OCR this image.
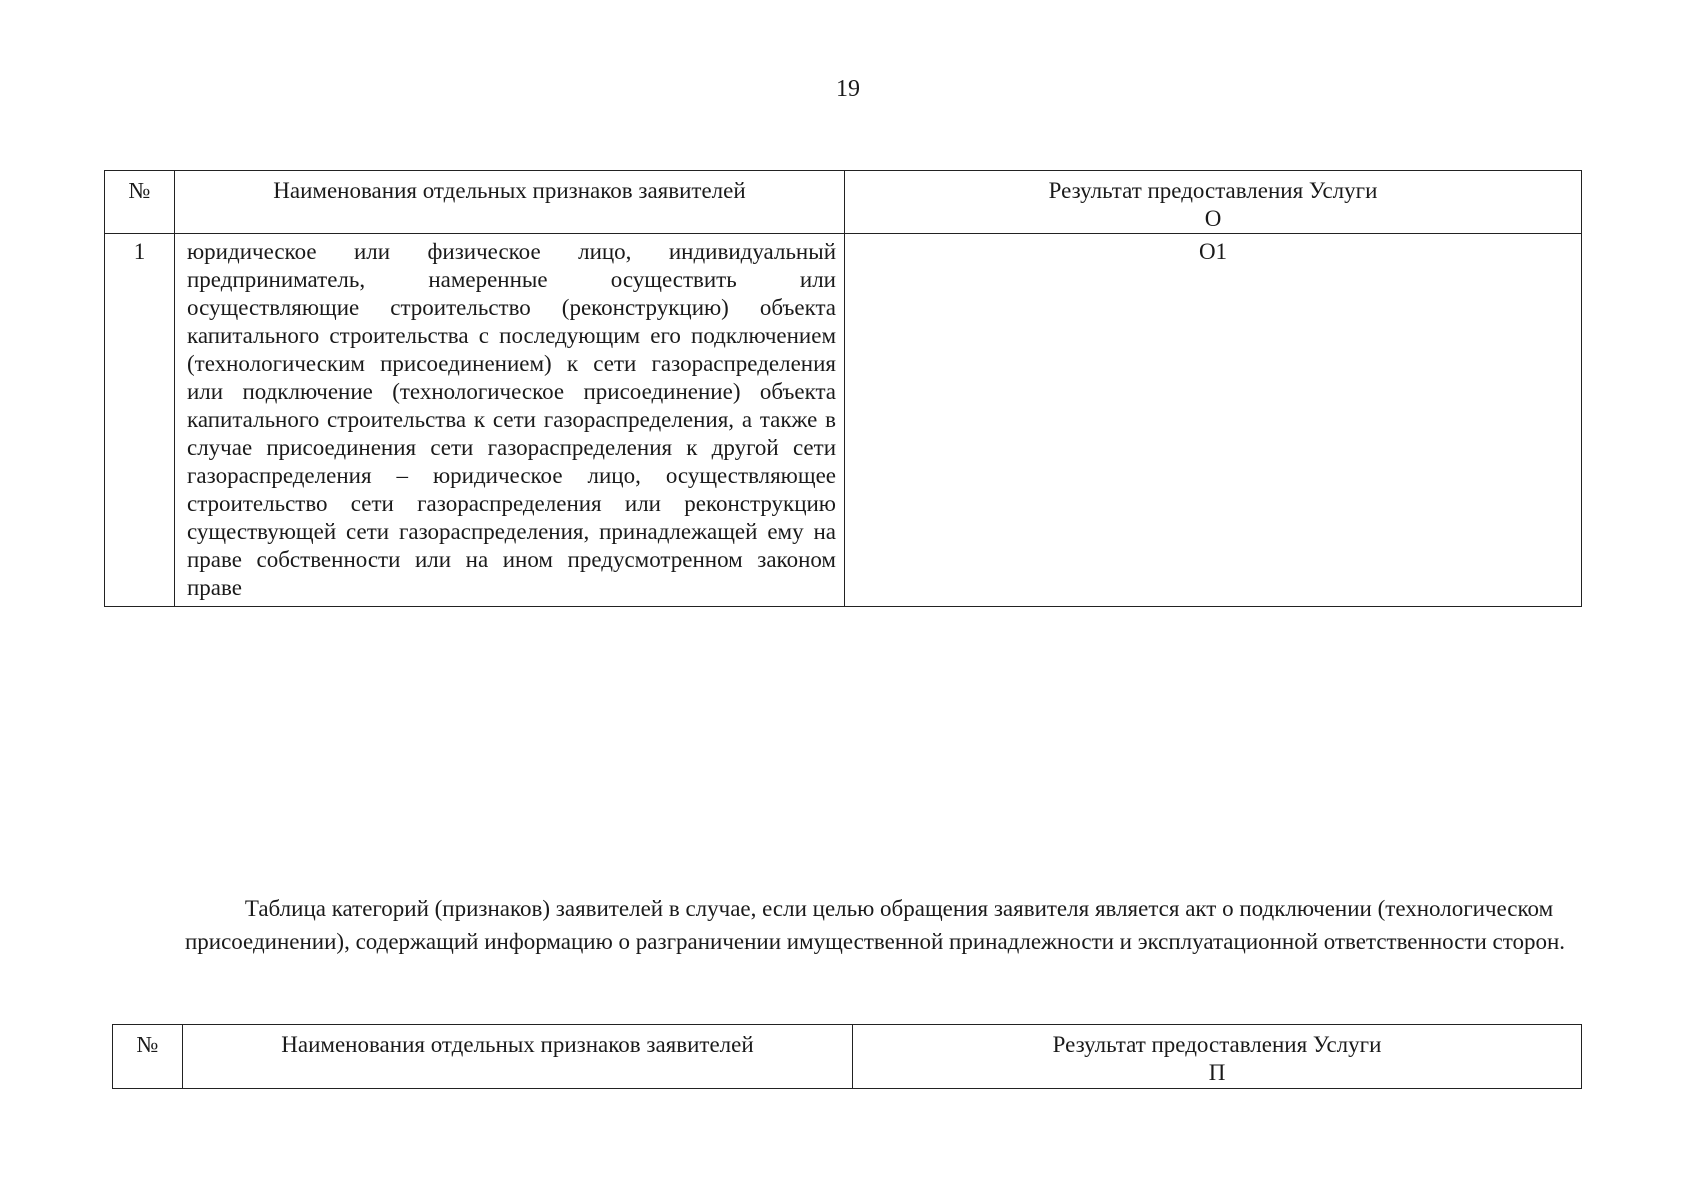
19
№	Наименования отдельных признаков заявителей	Результат предоставления Услуги
О

1	юридическое или физическое лицо, индивидуальный предприниматель, намеренные осуществить или осуществляющие строительство (реконструкцию) объекта капитального строительства с последующим его подключением (технологическим присоединением) к сети газораспределения или подключение (технологическое присоединение) объекта капитального строительства к сети газораспределения, а также в случае присоединения сети газораспределения к другой сети газораспределения – юридическое лицо, осуществляющее строительство сети газораспределения или реконструкцию существующей сети газораспределения, принадлежащей ему на праве собственности или на ином предусмотренном законом праве	О1
Таблица категорий (признаков) заявителей в случае, если целью обращения заявителя является акт о подключении (технологическом присоединении), содержащий информацию о разграничении имущественной принадлежности и эксплуатационной ответственности сторон.
№	Наименования отдельных признаков заявителей	Результат предоставления Услуги
П
